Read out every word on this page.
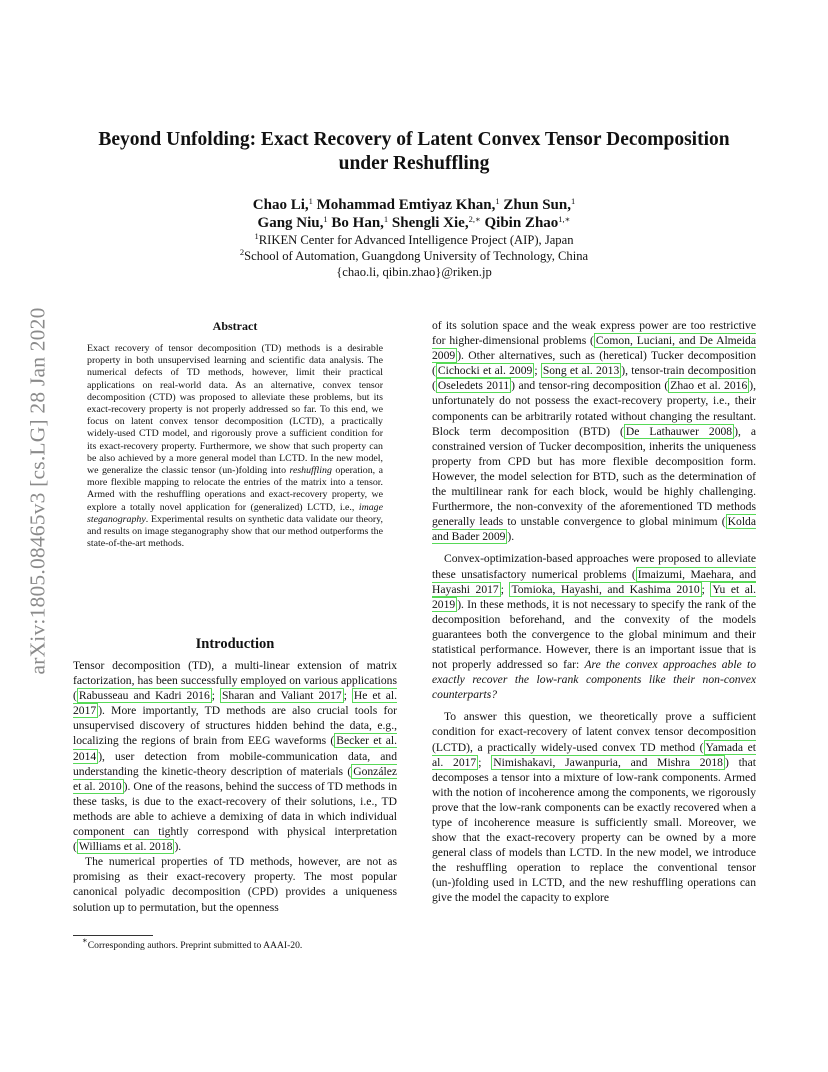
arXiv:1805.08465v3 [cs.LG] 28 Jan 2020
Beyond Unfolding: Exact Recovery of Latent Convex Tensor Decomposition
under Reshuffling
Chao Li,$^1$ Mohammad Emtiyaz Khan,$^1$ Zhun Sun,$^1$
Gang Niu,$^1$ Bo Han,$^1$ Shengli Xie,$^{2,∗}$ Qibin Zhao$^{1,∗}$
$^1$RIKEN Center for Advanced Intelligence Project (AIP), Japan
$^2$School of Automation, Guangdong University of Technology, China
{chao.li, qibin.zhao}@riken.jp
Abstract
Exact recovery of tensor decomposition (TD) methods is a desirable property in both unsupervised learning and scientific data analysis. The numerical defects of TD methods, however, limit their practical applications on real-world data. As an alternative, convex tensor decomposition (CTD) was proposed to alleviate these problems, but its exact-recovery property is not properly addressed so far. To this end, we focus on latent convex tensor decomposition (LCTD), a practically widely-used CTD model, and rigorously prove a sufficient condition for its exact-recovery property. Furthermore, we show that such property can be also achieved by a more general model than LCTD. In the new model, we generalize the classic tensor (un-)folding into reshuffling operation, a more flexible mapping to relocate the entries of the matrix into a tensor. Armed with the reshuffling operations and exact-recovery property, we explore a totally novel application for (generalized) LCTD, i.e., image steganography. Experimental results on synthetic data validate our theory, and results on image steganography show that our method outperforms the state-of-the-art methods.
Introduction

Tensor decomposition (TD), a multi-linear extension of matrix factorization, has been successfully employed on various applications ( Rabusseau and Kadri 2016 ; Sharan and Valiant 2017 ; He et al. 2017 ). More importantly, TD methods are also crucial tools for unsupervised discovery of structures hidden behind the data, e.g., localizing the regions of brain from EEG waveforms ( Becker et al. 2014 ), user detection from mobile-communication data, and understanding the kinetic-theory description of materials ( González et al. 2010 ). One of the reasons, behind the success of TD methods in these tasks, is due to the exact-recovery of their solutions, i.e., TD methods are able to achieve a demixing of data in which individual component can tightly correspond with physical interpretation ( Williams et al. 2018 ).

The numerical properties of TD methods, however, are not as promising as their exact-recovery property. The most popular canonical polyadic decomposition (CPD) provides a uniqueness solution up to permutation, but the openness

∗Corresponding authors. Preprint submitted to AAAI-20.

of its solution space and the weak express power are too restrictive for higher-dimensional problems ( Comon, Luciani, and De Almeida 2009 ). Other alternatives, such as (heretical) Tucker decomposition ( Cichocki et al. 2009 ; Song et al. 2013 ), tensor-train decomposition ( Oseledets 2011 ) and tensor-ring decomposition ( Zhao et al. 2016 ), unfortunately do not possess the exact-recovery property, i.e., their components can be arbitrarily rotated without changing the resultant. Block term decomposition (BTD) ( De Lathauwer 2008 ), a constrained version of Tucker decomposition, inherits the uniqueness property from CPD but has more flexible decomposition form. However, the model selection for BTD, such as the determination of the multilinear rank for each block, would be highly challenging. Furthermore, the non-convexity of the aforementioned TD methods generally leads to unstable convergence to global minimum ( Kolda and Bader 2009 ).

Convex-optimization-based approaches were proposed to alleviate these unsatisfactory numerical problems ( Imaizumi, Maehara, and Hayashi 2017 ; Tomioka, Hayashi, and Kashima 2010 ; Yu et al. 2019 ). In these methods, it is not necessary to specify the rank of the decomposition beforehand, and the convexity of the models guarantees both the convergence to the global minimum and their statistical performance. However, there is an important issue that is not properly addressed so far: Are the convex approaches able to exactly recover the low-rank components like their non-convex counterparts?

To answer this question, we theoretically prove a sufficient condition for exact-recovery of latent convex tensor decomposition (LCTD), a practically widely-used convex TD method ( Yamada et al. 2017 ; Nimishakavi, Jawanpuria, and Mishra 2018 ) that decomposes a tensor into a mixture of low-rank components. Armed with the notion of incoherence among the components, we rigorously prove that the low-rank components can be exactly recovered when a type of incoherence measure is sufficiently small. Moreover, we show that the exact-recovery property can be owned by a more general class of models than LCTD. In the new model, we introduce the reshuffling operation to replace the conventional tensor (un-)folding used in LCTD, and the new reshuffling operations can give the model the capacity to explore
